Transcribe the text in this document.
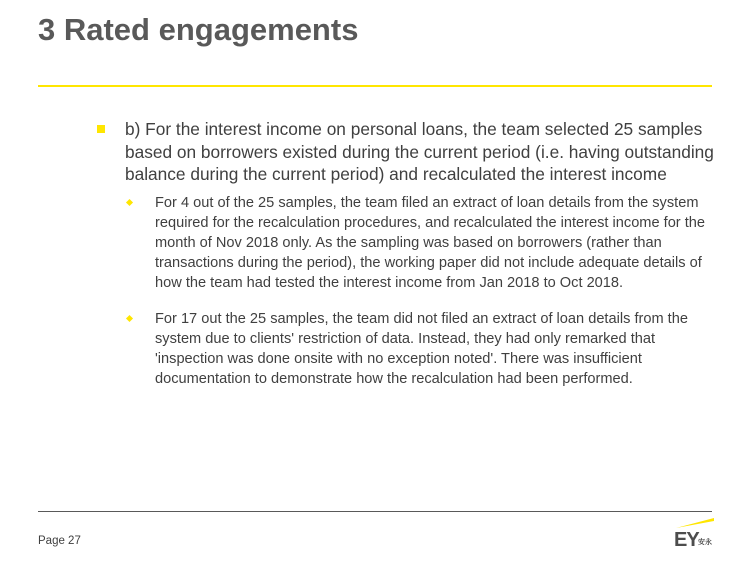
3 Rated engagements
b) For the interest income on personal loans, the team selected 25 samples based on borrowers existed during the current period (i.e. having outstanding balance during the current period) and recalculated the interest income
For 4 out of the 25 samples, the team filed an extract of loan details from the system required for the recalculation procedures, and recalculated the interest income for the month of Nov 2018 only. As the sampling was based on borrowers (rather than transactions during the period), the working paper did not include adequate details of how the team had tested the interest income from Jan 2018 to Oct 2018.
For 17 out the 25 samples, the team did not filed an extract of loan details from the system due to clients' restriction of data. Instead, they had only remarked that 'inspection was done onsite with no exception noted'. There was insufficient documentation to demonstrate how the recalculation had been performed.
Page 27	EY 安永
